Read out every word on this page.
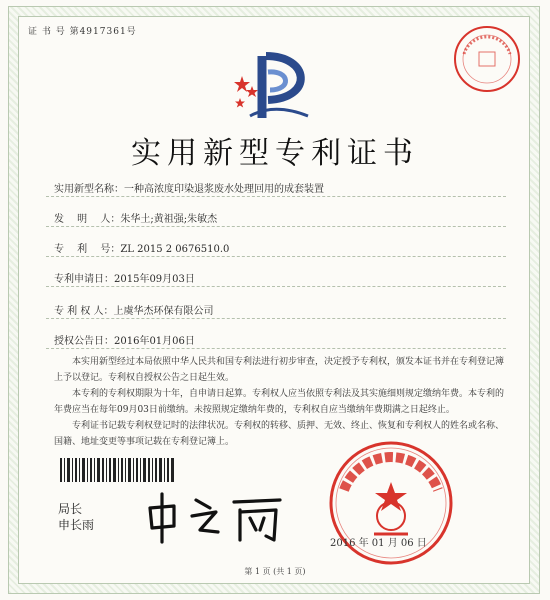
证 书 号 第4917361号
实用新型专利证书
实用新型名称：一种高浓度印染退浆废水处理回用的成套装置
发　 明　 人：朱华土;黄祖强;朱敏杰
专　 利　 号：ZL 2015 2 0676510.0
专利申请日：2015年09月03日
专 利 权 人：上虞华杰环保有限公司
授权公告日：2016年01月06日

本实用新型经过本局依照中华人民共和国专利法进行初步审查，决定授予专利权，颁发本证书并在专利登记簿上予以登记。专利权自授权公告之日起生效。

本专利的专利权期限为十年，自申请日起算。专利权人应当依照专利法及其实施细则规定缴纳年费。本专利的年费应当在每年09月03日前缴纳。未按照规定缴纳年费的，专利权自应当缴纳年费期满之日起终止。

专利证书记载专利权登记时的法律状况。专利权的转移、质押、无效、终止、恢复和专利权人的姓名或名称、国籍、地址变更等事项记载在专利登记簿上。

局长
申长雨
2016 年 01 月 06 日
第 1 页 (共 1 页)
